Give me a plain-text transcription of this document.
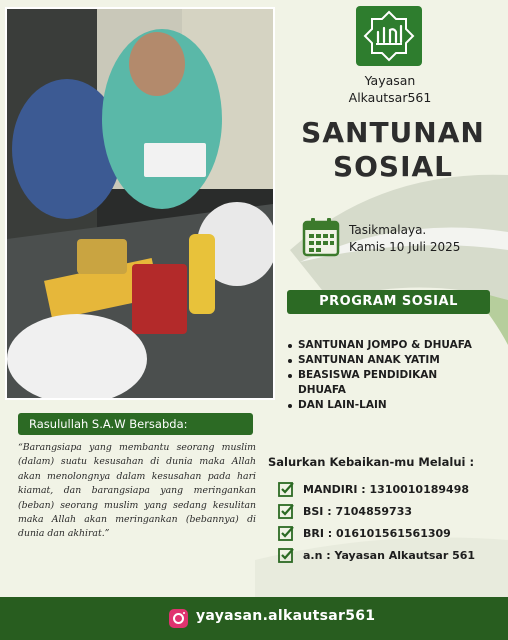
Yayasan
Alkautsar561
SANTUNAN
SOSIAL
Tasikmalaya.
Kamis 10 Juli 2025
PROGRAM SOSIAL
SANTUNAN JOMPO & DHUAFA
SANTUNAN ANAK YATIM
BEASISWA PENDIDIKAN DHUAFA
DAN LAIN-LAIN
Rasulullah S.A.W Bersabda:

“Barangsiapa yang membantu seorang muslim (dalam) suatu kesusahan di dunia maka Allah akan menolongnya dalam kesusahan pada hari kiamat, dan barangsiapa yang meringankan (beban) seorang muslim yang sedang kesulitan maka Allah akan meringankan (bebannya) di dunia dan akhirat.”

Salurkan Kebaikan-mu Melalui :
MANDIRI : 1310010189498
BSI : 7104859733
BRI : 016101561561309
a.n : Yayasan Alkautsar 561
yayasan.alkautsar561
